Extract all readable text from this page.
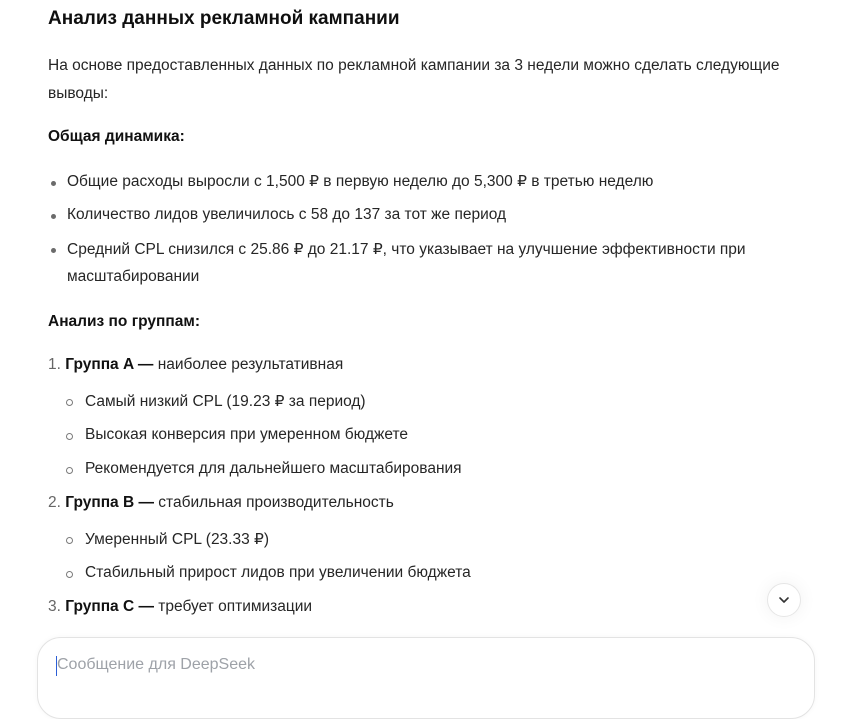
Анализ данных рекламной кампании
На основе предоставленных данных по рекламной кампании за 3 недели можно сделать следующие
выводы:
Общая динамика:
Общие расходы выросли с 1,500 ₽ в первую неделю до 5,300 ₽ в третью неделю
Количество лидов увеличилось с 58 до 137 за тот же период
Средний CPL снизился с 25.86 ₽ до 21.17 ₽, что указывает на улучшение эффективности при
масштабировании
Анализ по группам:
1. Группа A — наиболее результативная
Самый низкий CPL (19.23 ₽ за период)
Высокая конверсия при умеренном бюджете
Рекомендуется для дальнейшего масштабирования
2. Группа B — стабильная производительность
Умеренный CPL (23.33 ₽)
Стабильный прирост лидов при увеличении бюджета
3. Группа C — требует оптимизации
Сообщение для DeepSeek
